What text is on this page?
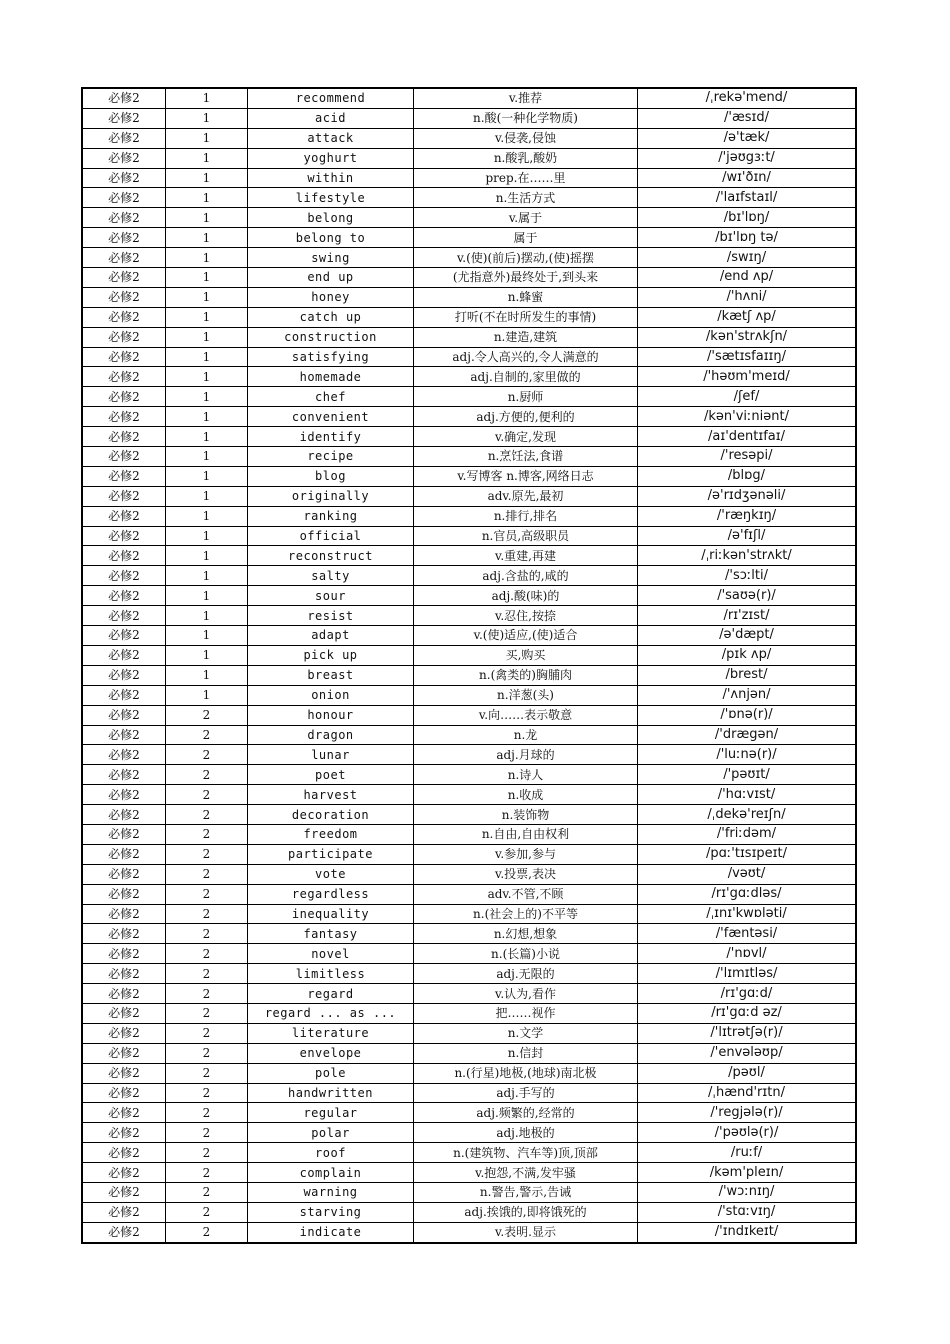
必修2	1	recommend	v.推荐	/ˌrekə'mend/
必修2	1	acid	n.酸(一种化学物质)	/'æsɪd/
必修2	1	attack	v.侵袭,侵蚀	/ə'tæk/
必修2	1	yoghurt	n.酸乳,酸奶	/'jəʊgɜːt/
必修2	1	within	prep.在……里	/wɪ'ðɪn/
必修2	1	lifestyle	n.生活方式	/'laɪfstaɪl/
必修2	1	belong	v.属于	/bɪ'lɒŋ/
必修2	1	belong to	属于	/bɪ'lɒŋ tə/
必修2	1	swing	v.(使)(前后)摆动,(使)摇摆	/swɪŋ/
必修2	1	end up	(尤指意外)最终处于,到头来	/end ʌp/
必修2	1	honey	n.蜂蜜	/'hʌni/
必修2	1	catch up	打听(不在时所发生的事情)	/kætʃ ʌp/
必修2	1	construction	n.建造,建筑	/kən'strʌkʃn/
必修2	1	satisfying	adj.令人高兴的,令人满意的	/'sætɪsfaɪɪŋ/
必修2	1	homemade	adj.自制的,家里做的	/'həʊm'meɪd/
必修2	1	chef	n.厨师	/ʃef/
必修2	1	convenient	adj.方便的,便利的	/kən'viːniənt/
必修2	1	identify	v.确定,发现	/aɪ'dentɪfaɪ/
必修2	1	recipe	n.烹饪法,食谱	/'resəpi/
必修2	1	blog	v.写博客 n.博客,网络日志	/blɒg/
必修2	1	originally	adv.原先,最初	/ə'rɪdʒənəli/
必修2	1	ranking	n.排行,排名	/'ræŋkɪŋ/
必修2	1	official	n.官员,高级职员	/ə'fɪʃl/
必修2	1	reconstruct	v.重建,再建	/ˌriːkən'strʌkt/
必修2	1	salty	adj.含盐的,咸的	/'sɔːlti/
必修2	1	sour	adj.酸(味)的	/'saʊə(r)/
必修2	1	resist	v.忍住,按捺	/rɪ'zɪst/
必修2	1	adapt	v.(使)适应,(使)适合	/ə'dæpt/
必修2	1	pick up	买,购买	/pɪk ʌp/
必修2	1	breast	n.(禽类的)胸脯肉	/brest/
必修2	1	onion	n.洋葱(头)	/'ʌnjən/
必修2	2	honour	v.向……表示敬意	/'ɒnə(r)/
必修2	2	dragon	n.龙	/'drægən/
必修2	2	lunar	adj.月球的	/'luːnə(r)/
必修2	2	poet	n.诗人	/'pəʊɪt/
必修2	2	harvest	n.收成	/'hɑːvɪst/
必修2	2	decoration	n.装饰物	/ˌdekə'reɪʃn/
必修2	2	freedom	n.自由,自由权利	/'friːdəm/
必修2	2	participate	v.参加,参与	/pɑː'tɪsɪpeɪt/
必修2	2	vote	v.投票,表决	/vəʊt/
必修2	2	regardless	adv.不管,不顾	/rɪ'gɑːdləs/
必修2	2	inequality	n.(社会上的)不平等	/ˌɪnɪ'kwɒləti/
必修2	2	fantasy	n.幻想,想象	/'fæntəsi/
必修2	2	novel	n.(长篇)小说	/'nɒvl/
必修2	2	limitless	adj.无限的	/'lɪmɪtləs/
必修2	2	regard	v.认为,看作	/rɪ'gɑːd/
必修2	2	regard ... as ...	把……视作	/rɪ'gɑːd əz/
必修2	2	literature	n.文学	/'lɪtrətʃə(r)/
必修2	2	envelope	n.信封	/'envələʊp/
必修2	2	pole	n.(行星)地极,(地球)南北极	/pəʊl/
必修2	2	handwritten	adj.手写的	/ˌhænd'rɪtn/
必修2	2	regular	adj.频繁的,经常的	/'regjələ(r)/
必修2	2	polar	adj.地极的	/'pəʊlə(r)/
必修2	2	roof	n.(建筑物、汽车等)顶,顶部	/ruːf/
必修2	2	complain	v.抱怨,不满,发牢骚	/kəm'pleɪn/
必修2	2	warning	n.警告,警示,告诫	/'wɔːnɪŋ/
必修2	2	starving	adj.挨饿的,即将饿死的	/'stɑːvɪŋ/
必修2	2	indicate	v.表明.显示	/'ɪndɪkeɪt/
